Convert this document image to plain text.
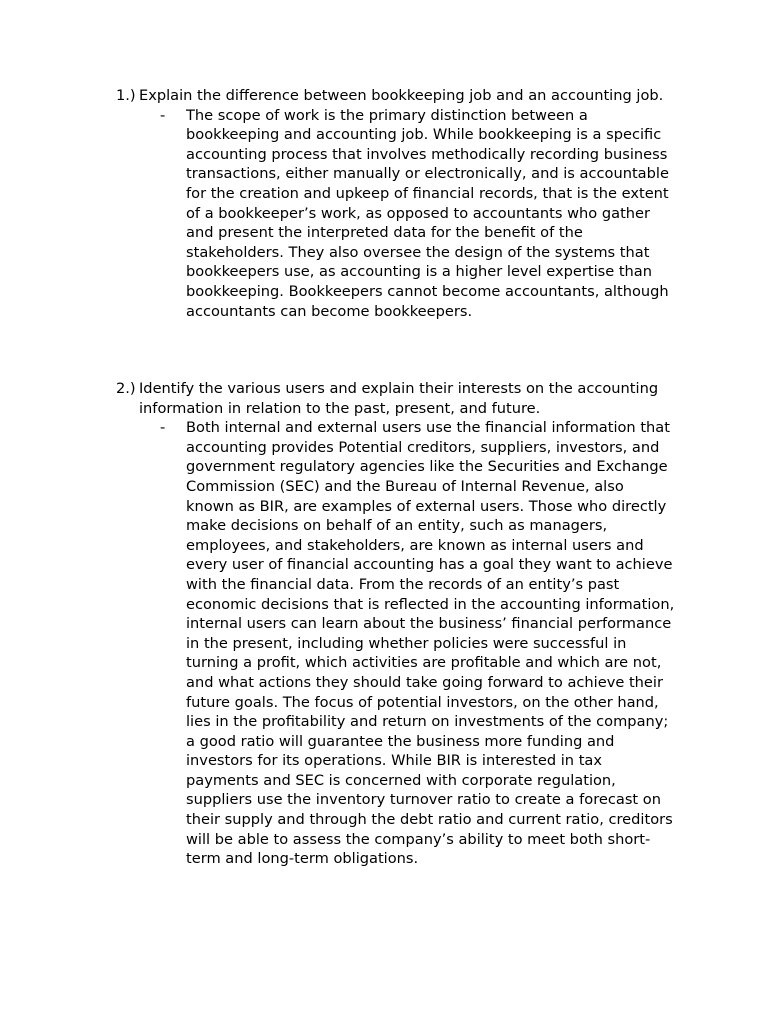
1.) Explain the difference between bookkeeping job and an accounting job.
- The scope of work is the primary distinction between a bookkeeping and accounting job. While bookkeeping is a specific accounting process that involves methodically recording business transactions, either manually or electronically, and is accountable for the creation and upkeep of financial records, that is the extent of a bookkeeper’s work, as opposed to accountants who gather and present the interpreted data for the benefit of the stakeholders. They also oversee the design of the systems that bookkeepers use, as accounting is a higher level expertise than bookkeeping. Bookkeepers cannot become accountants, although accountants can become bookkeepers.
2.) Identify the various users and explain their interests on the accounting information in relation to the past, present, and future.
- Both internal and external users use the financial information that accounting provides Potential creditors, suppliers, investors, and government regulatory agencies like the Securities and Exchange Commission (SEC) and the Bureau of Internal Revenue, also known as BIR, are examples of external users. Those who directly make decisions on behalf of an entity, such as managers, employees, and stakeholders, are known as internal users and every user of financial accounting has a goal they want to achieve with the financial data. From the records of an entity’s past economic decisions that is reflected in the accounting information, internal users can learn about the business’ financial performance in the present, including whether policies were successful in turning a profit, which activities are profitable and which are not, and what actions they should take going forward to achieve their future goals. The focus of potential investors, on the other hand, lies in the profitability and return on investments of the company; a good ratio will guarantee the business more funding and investors for its operations. While BIR is interested in tax payments and SEC is concerned with corporate regulation, suppliers use the inventory turnover ratio to create a forecast on their supply and through the debt ratio and current ratio, creditors will be able to assess the company’s ability to meet both short-term and long-term obligations.
